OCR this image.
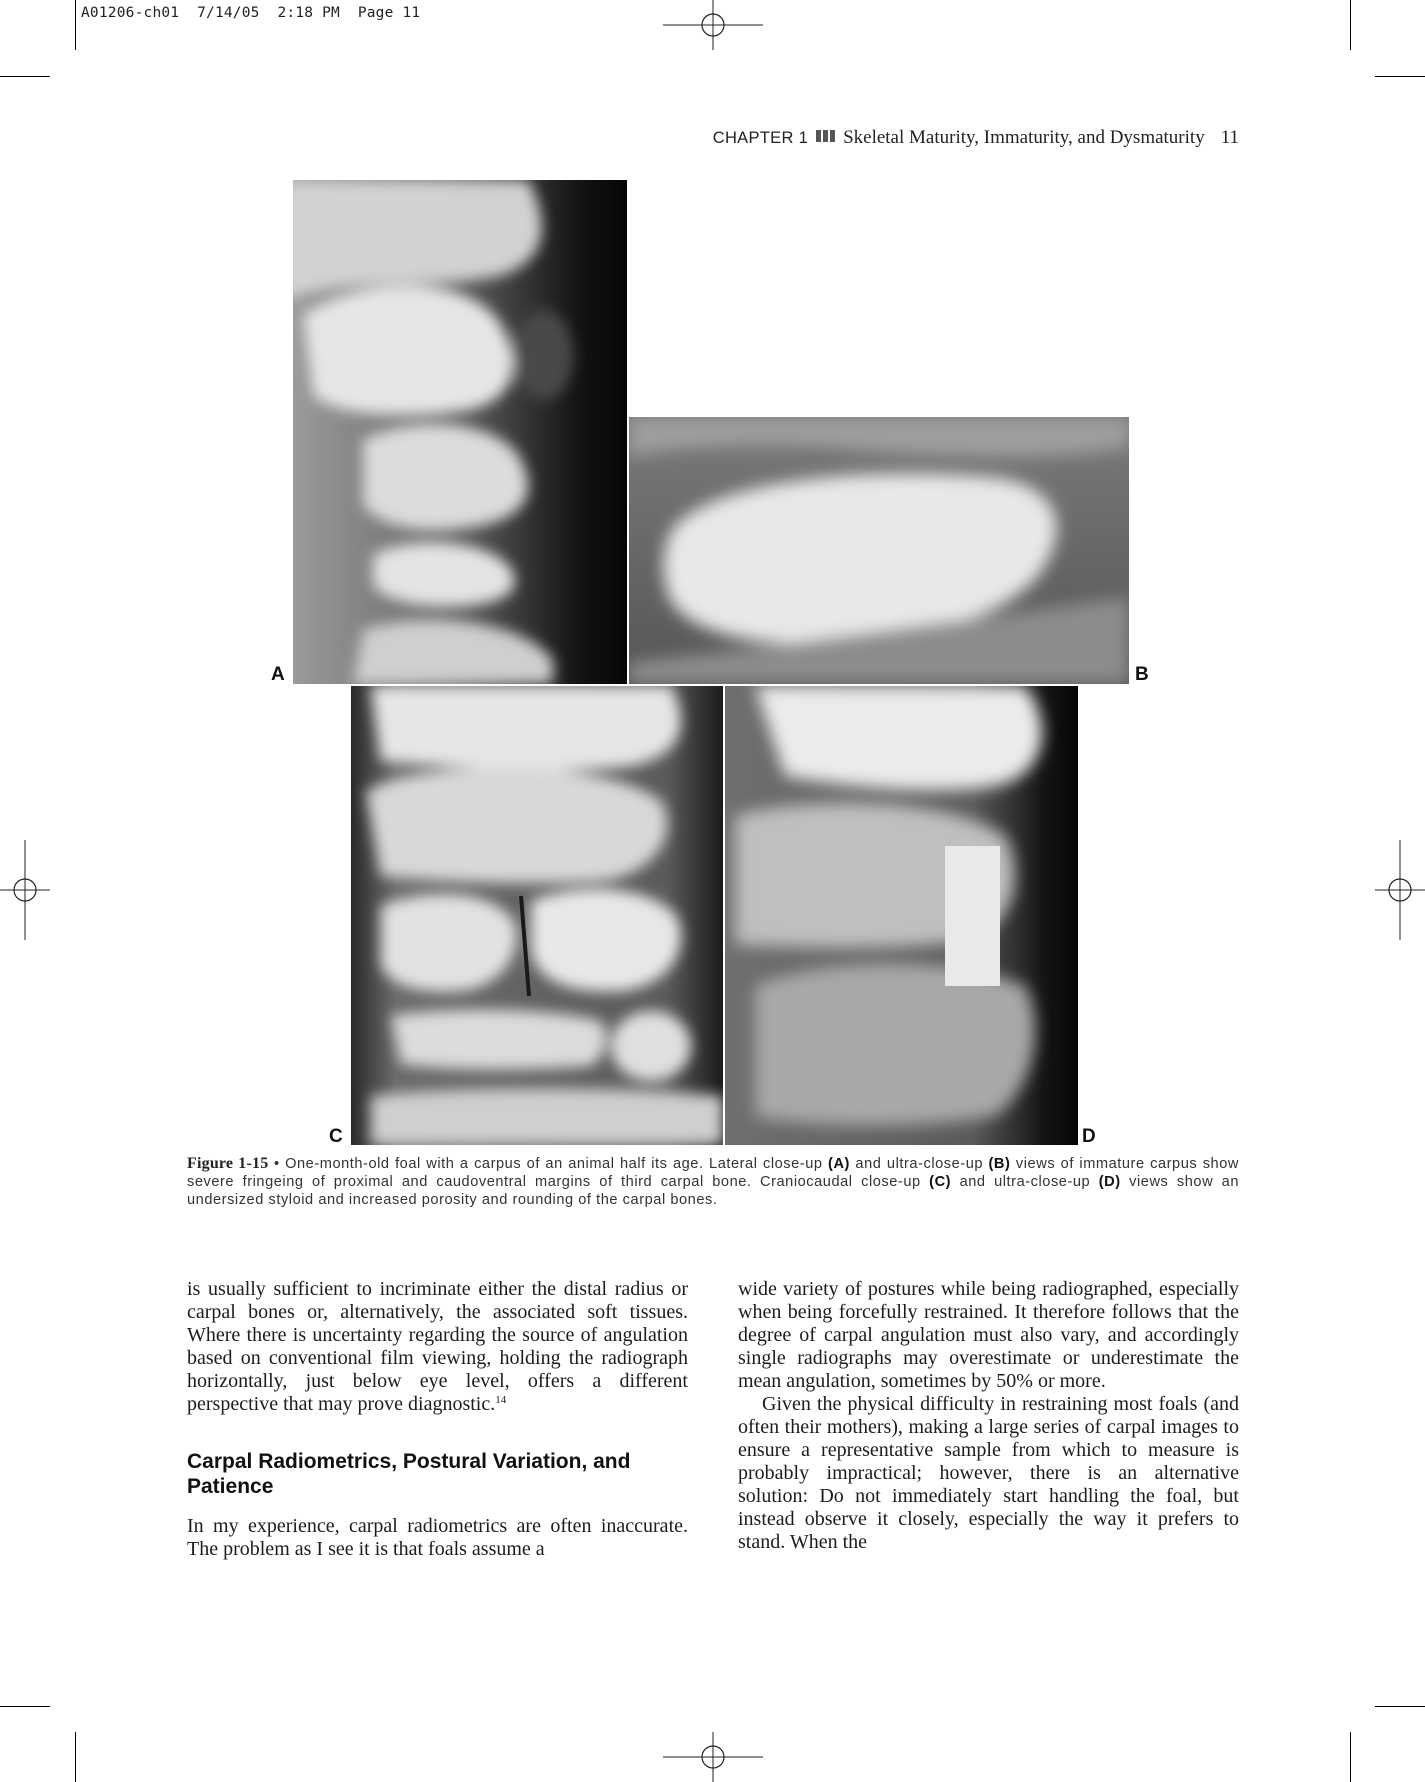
A01206-ch01  7/14/05  2:18 PM  Page 11
CHAPTER 1 Skeletal Maturity, Immaturity, and Dysmaturity 11
A	B
C	D
Figure 1-15 • One-month-old foal with a carpus of an animal half its age. Lateral close-up (A) and ultra-close-up (B) views of immature carpus show severe fringeing of proximal and caudoventral margins of third carpal bone. Craniocaudal close-up (C) and ultra-close-up (D) views show an undersized styloid and increased porosity and rounding of the carpal bones.

is usually sufficient to incriminate either the distal radius or carpal bones or, alternatively, the associated soft tissues. Where there is uncertainty regarding the source of angulation based on conventional film viewing, holding the radiograph horizontally, just below eye level, offers a different perspective that may prove diagnostic.$^{14}$

Carpal Radiometrics, Postural Variation, and Patience

In my experience, carpal radiometrics are often inaccurate. The problem as I see it is that foals assume a

wide variety of postures while being radiographed, especially when being forcefully restrained. It therefore follows that the degree of carpal angulation must also vary, and accordingly single radiographs may overestimate or underestimate the mean angulation, sometimes by 50% or more.

Given the physical difficulty in restraining most foals (and often their mothers), making a large series of carpal images to ensure a representative sample from which to measure is probably impractical; however, there is an alternative solution: Do not immediately start handling the foal, but instead observe it closely, especially the way it prefers to stand. When the
